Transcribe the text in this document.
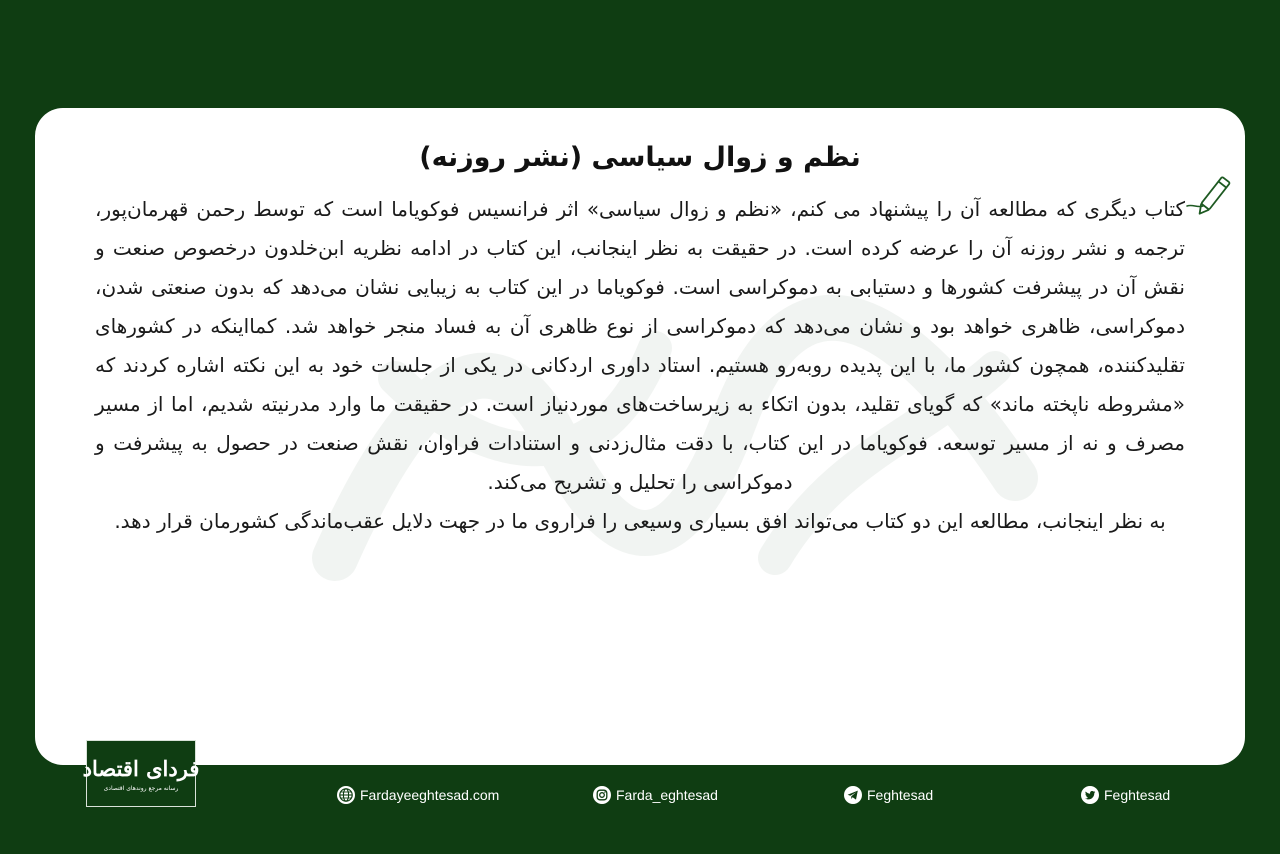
نظم و زوال سیاسی (نشر روزنه)

کتاب دیگری که مطالعه آن را پیشنهاد می کنم، «نظم و زوال سیاسی» اثر فرانسیس فوکویاما است که توسط رحمن قهرمان‌پور، ترجمه و نشر روزنه آن را عرضه کرده است. در حقیقت به نظر اینجانب، این کتاب در ادامه نظریه ابن‌خلدون درخصوص صنعت و نقش آن در پیشرفت کشورها و دستیابی به دموکراسی است. فوکویاما در این کتاب به زیبایی نشان می‌دهد که بدون صنعتی شدن، دموکراسی، ظاهری خواهد بود و نشان می‌دهد که دموکراسی از نوع ظاهری آن به فساد منجر خواهد شد. کمااینکه در کشورهای تقلیدکننده، همچون کشور ما، با این پدیده روبه‌رو هستیم. استاد داوری اردکانی در یکی از جلسات خود به این نکته اشاره کردند که «مشروطه ناپخته ماند» که گویای تقلید، بدون اتکاء به زیرساخت‌های موردنیاز است. در حقیقت ما وارد مدرنیته شدیم، اما از مسیر مصرف و نه از مسیر توسعه. فوکویاما در این کتاب، با دقت مثال‌زدنی و استنادات فراوان، نقش صنعت در حصول به پیشرفت و دموکراسی را تحلیل و تشریح می‌کند.

به نظر اینجانب، مطالعه این دو کتاب می‌تواند افق بسیاری وسیعی را فراروی ما در جهت دلایل عقب‌ماندگی کشورمان قرار دهد.

فردای اقتصاد
رسانه مرجع روندهای اقتصادی	Fardayeeghtesad.com	Farda_eghtesad	Feghtesad	Feghtesad
